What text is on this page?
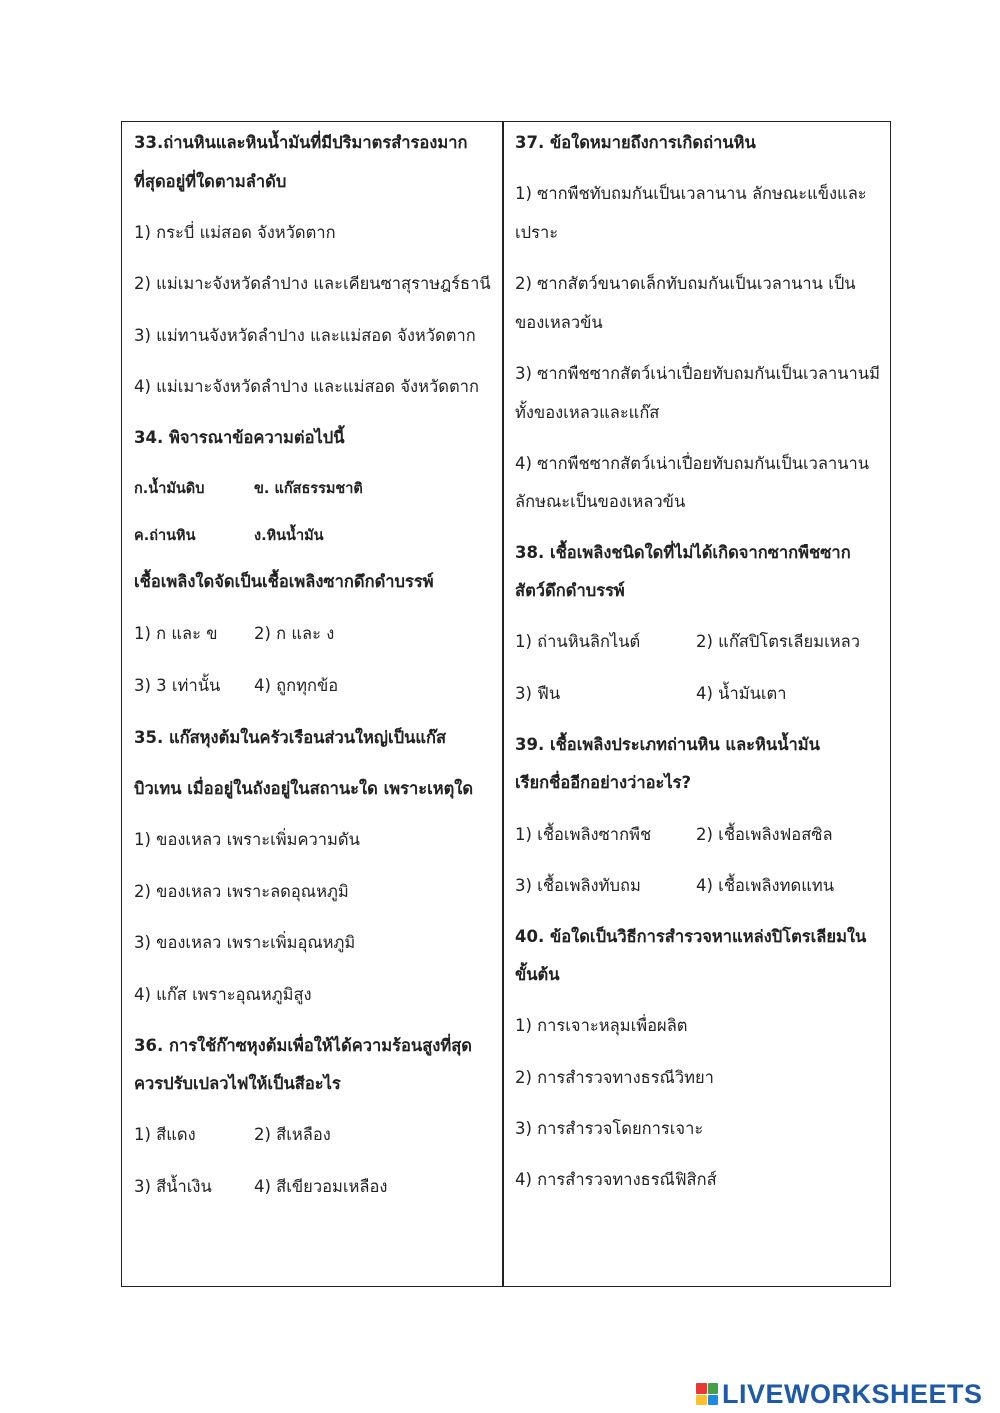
33.ถ่านหินและหินน้ำมันที่มีปริมาตรสำรองมาก
ที่สุดอยู่ที่ใดตามลำดับ
1) กระบี่ แม่สอด จังหวัดตาก
2) แม่เมาะจังหวัดลำปาง และเคียนซาสุราษฎร์ธานี
3) แม่ทานจังหวัดลำปาง และแม่สอด จังหวัดตาก
4) แม่เมาะจังหวัดลำปาง และแม่สอด จังหวัดตาก
34. พิจารณาข้อความต่อไปนี้
ก.น้ำมันดิบ	ข. แก๊สธรรมชาติ
ค.ถ่านหิน	ง.หินน้ำมัน
เชื้อเพลิงใดจัดเป็นเชื้อเพลิงซากดึกดำบรรพ์
1) ก และ ข 2) ก และ ง
3) 3 เท่านั้น 4) ถูกทุกข้อ
35. แก๊สหุงต้มในครัวเรือนส่วนใหญ่เป็นแก๊ส
บิวเทน เมื่ออยู่ในถังอยู่ในสถานะใด เพราะเหตุใด
1) ของเหลว เพราะเพิ่มความดัน
2) ของเหลว เพราะลดอุณหภูมิ
3) ของเหลว เพราะเพิ่มอุณหภูมิ
4) แก๊ส เพราะอุณหภูมิสูง
36. การใช้ก๊าซหุงต้มเพื่อให้ได้ความร้อนสูงที่สุด
ควรปรับเปลวไฟให้เป็นสีอะไร
1) สีแดง	2) สีเหลือง
3) สีน้ำเงิน	4) สีเขียวอมเหลือง
37. ข้อใดหมายถึงการเกิดถ่านหิน
1) ซากพืชทับถมกันเป็นเวลานาน ลักษณะแข็งและ
เปราะ
2) ซากสัตว์ขนาดเล็กทับถมกันเป็นเวลานาน เป็น
ของเหลวข้น
3) ซากพืชซากสัตว์เน่าเปื่อยทับถมกันเป็นเวลานานมี
ทั้งของเหลวและแก๊ส
4) ซากพืชซากสัตว์เน่าเปื่อยทับถมกันเป็นเวลานาน
ลักษณะเป็นของเหลวข้น
38. เชื้อเพลิงชนิดใดที่ไม่ได้เกิดจากซากพืชซาก
สัตว์ดึกดำบรรพ์
1) ถ่านหินลิกไนต์	2) แก๊สปิโตรเลียมเหลว
3) ฟืน	4) น้ำมันเตา
39. เชื้อเพลิงประเภทถ่านหิน และหินน้ำมัน
เรียกชื่ออีกอย่างว่าอะไร?
1) เชื้อเพลิงซากพืช	2) เชื้อเพลิงฟอสซิล
3) เชื้อเพลิงทับถม	4) เชื้อเพลิงทดแทน
40. ข้อใดเป็นวิธีการสำรวจหาแหล่งปิโตรเลียมใน
ขั้นต้น
1) การเจาะหลุมเพื่อผลิต
2) การสำรวจทางธรณีวิทยา
3) การสำรวจโดยการเจาะ
4) การสำรวจทางธรณีฟิสิกส์
LIVEWORKSHEETS
